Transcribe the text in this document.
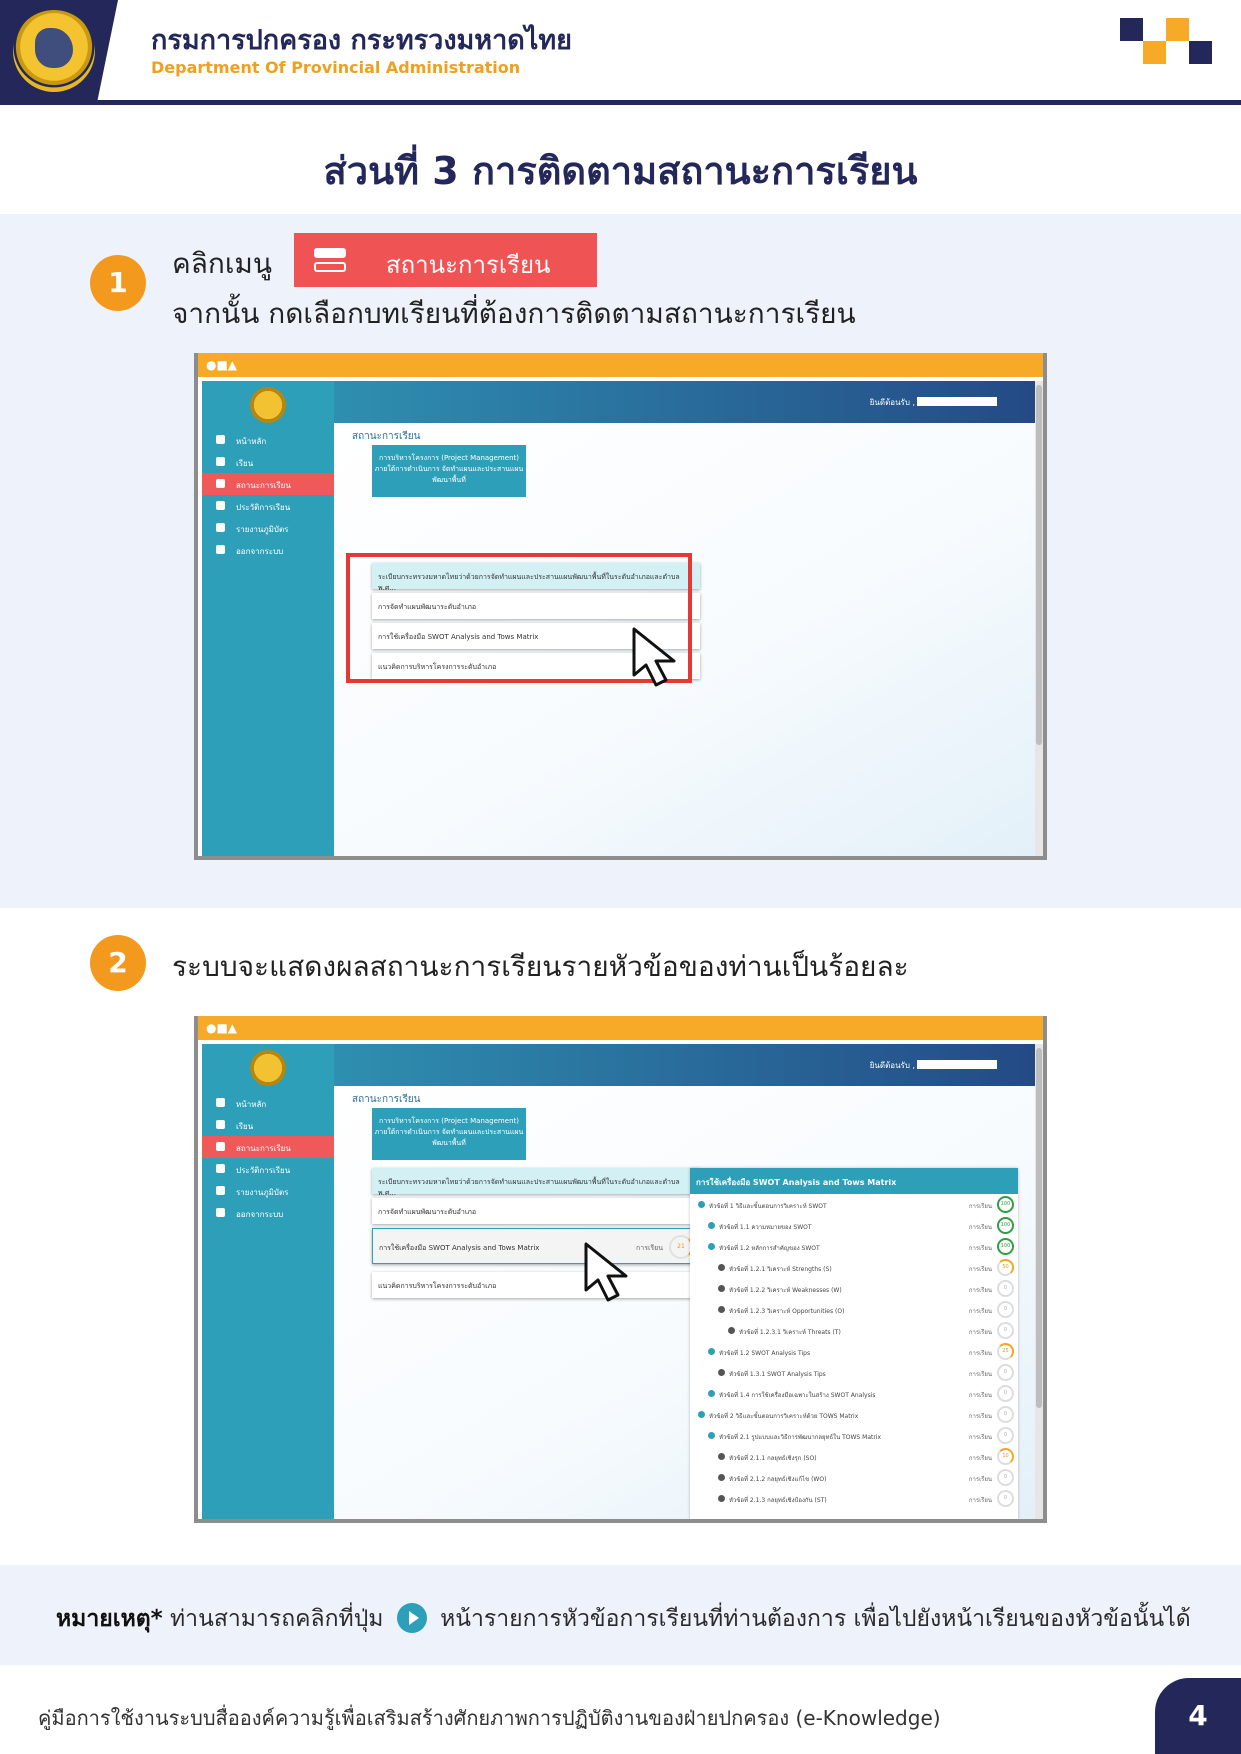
กรมการปกครอง กระทรวงมหาดไทย
Department Of Provincial Administration
ส่วนที่ 3 การติดตามสถานะการเรียน
1
คลิกเมนู	สถานะการเรียน
จากนั้น กดเลือกบทเรียนที่ต้องการติดตามสถานะการเรียน
●■▲
หน้าหลัก
เรียน
สถานะการเรียน
ประวัติการเรียน
รายงานภูมิบัตร
ออกจากระบบ
ยินดีต้อนรับ ,
สถานะการเรียน
การบริหารโครงการ (Project Management) ภายใต้การดำเนินการ จัดทำแผนและประสานแผนพัฒนาพื้นที่
ระเบียบกระทรวงมหาดไทยว่าด้วยการจัดทำแผนและประสานแผนพัฒนาพื้นที่ในระดับอำเภอและตำบล พ.ศ...
การจัดทำแผนพัฒนาระดับอำเภอ
การใช้เครื่องมือ SWOT Analysis and Tows Matrix
แนวคิดการบริหารโครงการระดับอำเภอ
2	ระบบจะแสดงผลสถานะการเรียนรายหัวข้อของท่านเป็นร้อยละ
●■▲
หน้าหลัก
เรียน
สถานะการเรียน
ประวัติการเรียน
รายงานภูมิบัตร
ออกจากระบบ
ยินดีต้อนรับ ,
สถานะการเรียน
การบริหารโครงการ (Project Management) ภายใต้การดำเนินการ จัดทำแผนและประสานแผนพัฒนาพื้นที่
ระเบียบกระทรวงมหาดไทยว่าด้วยการจัดทำแผนและประสานแผนพัฒนาพื้นที่ในระดับอำเภอและตำบล พ.ศ...
การจัดทำแผนพัฒนาระดับอำเภอ
การใช้เครื่องมือ SWOT Analysis and Tows Matrix	การเรียน	21
แนวคิดการบริหารโครงการระดับอำเภอ
การใช้เครื่องมือ SWOT Analysis and Tows Matrix
หัวข้อที่ 1 วิธีและขั้นตอนการวิเคราะห์ SWOT	การเรียน	100
หัวข้อที่ 1.1 ความหมายของ SWOT	การเรียน	100
หัวข้อที่ 1.2 หลักการสำคัญของ SWOT	การเรียน	100
หัวข้อที่ 1.2.1 วิเคราะห์ Strengths (S)	การเรียน	50
หัวข้อที่ 1.2.2 วิเคราะห์ Weaknesses (W)	การเรียน	0
หัวข้อที่ 1.2.3 วิเคราะห์ Opportunities (O)	การเรียน	0
หัวข้อที่ 1.2.3.1 วิเคราะห์ Threats (T)	การเรียน	0
หัวข้อที่ 1.2 SWOT Analysis Tips	การเรียน	25
หัวข้อที่ 1.3.1 SWOT Analysis Tips	การเรียน	0
หัวข้อที่ 1.4 การใช้เครื่องมือเฉพาะในสร้าง SWOT Analysis	การเรียน	0
หัวข้อที่ 2 วิธีและขั้นตอนการวิเคราะห์ด้วย TOWS Matrix	การเรียน	0
หัวข้อที่ 2.1 รูปแบบและวิธีการพัฒนากลยุทธ์ใน TOWS Matrix	การเรียน	0
หัวข้อที่ 2.1.1 กลยุทธ์เชิงรุก (SO)	การเรียน	10
หัวข้อที่ 2.1.2 กลยุทธ์เชิงแก้ไข (WO)	การเรียน	0
หัวข้อที่ 2.1.3 กลยุทธ์เชิงป้องกัน (ST)	การเรียน	0
หมายเหตุ* ท่านสามารถคลิกที่ปุ่ม หน้ารายการหัวข้อการเรียนที่ท่านต้องการ เพื่อไปยังหน้าเรียนของหัวข้อนั้นได้
คู่มือการใช้งานระบบสื่อองค์ความรู้เพื่อเสริมสร้างศักยภาพการปฏิบัติงานของฝ่ายปกครอง (e-Knowledge)	4
